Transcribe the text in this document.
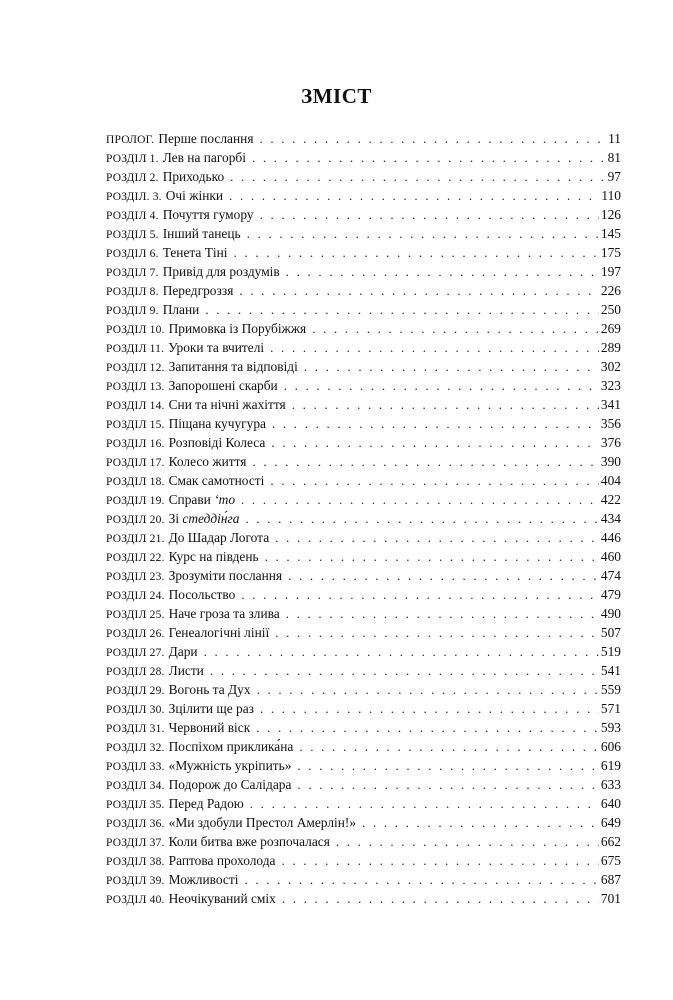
ЗМІСТ
ПРОЛОГ. Перше послання . . .	11
РОЗДІЛ 1. Лев на пагорбі . . .	81
РОЗДІЛ 2. Приходько . . .	97
РОЗДІЛ. 3. Очі жінки . . .	110
РОЗДІЛ 4. Почуття гумору . . .	126
РОЗДІЛ 5. Інший танець . . .	145
РОЗДІЛ 6. Тенета Тіні . . .	175
РОЗДІЛ 7. Привід для роздумів . . .	197
РОЗДІЛ 8. Передгроззя . . .	226
РОЗДІЛ 9. Плани . . .	250
РОЗДІЛ 10. Примовка із Порубіжжя . . .	269
РОЗДІЛ 11. Уроки та вчителі . . .	289
РОЗДІЛ 12. Запитання та відповіді . . .	302
РОЗДІЛ 13. Запорошені скарби . . .	323
РОЗДІЛ 14. Сни та нічні жахіття . . .	341
РОЗДІЛ 15. Піщана кучугура . . .	356
РОЗДІЛ 16. Розповіді Колеса . . .	376
РОЗДІЛ 17. Колесо життя . . .	390
РОЗДІЛ 18. Смак самотності . . .	404
РОЗДІЛ 19. Справи ‘то . . .	422
РОЗДІЛ 20. Зі стеддін́га . . .	434
РОЗДІЛ 21. До Шадар Логота . . .	446
РОЗДІЛ 22. Курс на південь . . .	460
РОЗДІЛ 23. Зрозуміти послання . . .	474
РОЗДІЛ 24. Посольство . . .	479
РОЗДІЛ 25. Наче гроза та злива . . .	490
РОЗДІЛ 26. Генеалогічні лінії . . .	507
РОЗДІЛ 27. Дари . . .	519
РОЗДІЛ 28. Листи . . .	541
РОЗДІЛ 29. Вогонь та Дух . . .	559
РОЗДІЛ 30. Зцілити ще раз . . .	571
РОЗДІЛ 31. Червоний віск . . .	593
РОЗДІЛ 32. Поспіхом приклика́на . . .	606
РОЗДІЛ 33. «Мужність укріпить» . . .	619
РОЗДІЛ 34. Подорож до Салідара . . .	633
РОЗДІЛ 35. Перед Радою . . .	640
РОЗДІЛ 36. «Ми здобули Престол Амерлін!» . . .	649
РОЗДІЛ 37. Коли битва вже розпочалася . . .	662
РОЗДІЛ 38. Раптова прохолода . . .	675
РОЗДІЛ 39. Можливості . . .	687
РОЗДІЛ 40. Неочікуваний сміх . . .	701
